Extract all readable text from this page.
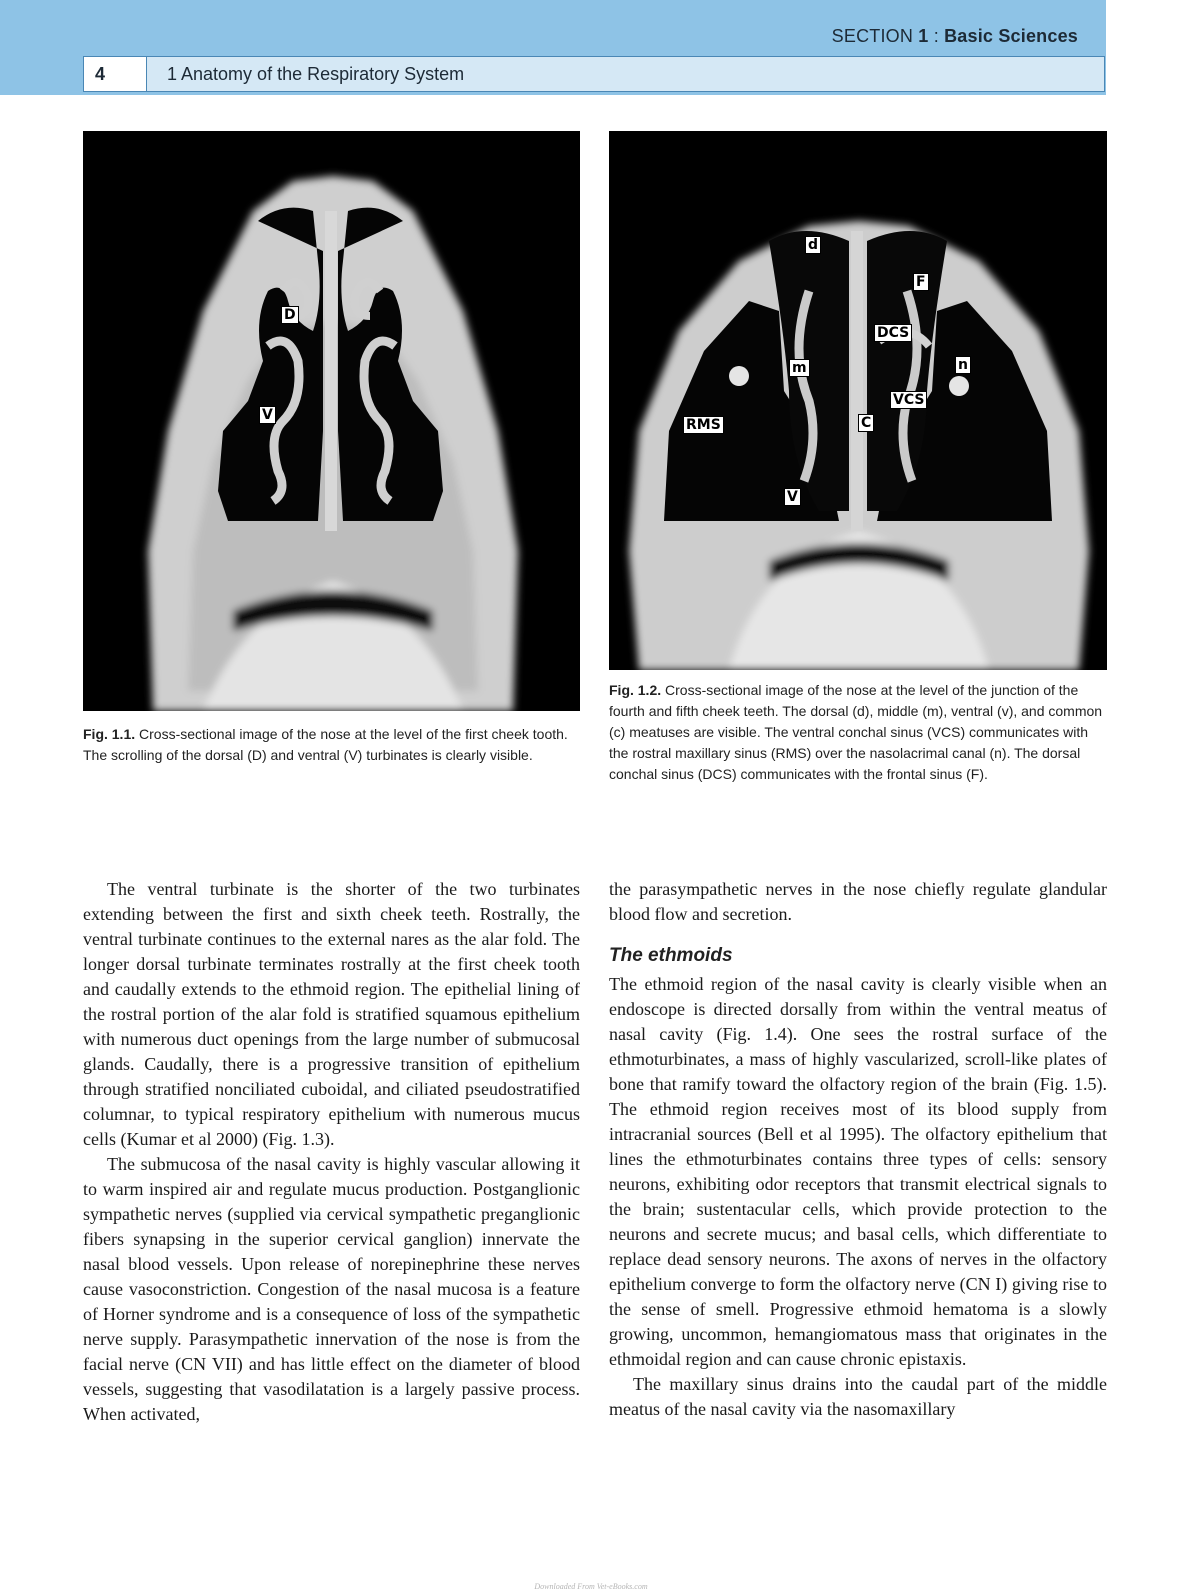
SECTION 1 : Basic Sciences
4	1 Anatomy of the Respiratory System
D
V
Fig. 1.1. Cross-sectional image of the nose at the level of the first cheek tooth. The scrolling of the dorsal (D) and ventral (V) turbinates is clearly visible.
d
F
DCS
n
m
VCS
RMS	C
V
Fig. 1.2. Cross-sectional image of the nose at the level of the junction of the fourth and fifth cheek teeth. The dorsal (d), middle (m), ventral (v), and common (c) meatuses are visible. The ventral conchal sinus (VCS) communicates with the rostral maxillary sinus (RMS) over the nasolacrimal canal (n). The dorsal conchal sinus (DCS) communicates with the frontal sinus (F).

The ventral turbinate is the shorter of the two turbinates extending between the first and sixth cheek teeth. Rostrally, the ventral turbinate continues to the external nares as the alar fold. The longer dorsal turbinate terminates rostrally at the first cheek tooth and caudally extends to the ethmoid region. The epithelial lining of the rostral portion of the alar fold is stratified squamous epithelium with numerous duct openings from the large number of submucosal glands. Caudally, there is a progressive transition of epithelium through stratified nonciliated cuboidal, and ciliated pseudostratified columnar, to typical respiratory epithelium with numerous mucus cells (Kumar et al 2000) (Fig. 1.3).

The submucosa of the nasal cavity is highly vascular allowing it to warm inspired air and regulate mucus production. Postganglionic sympathetic nerves (supplied via cervical sympathetic preganglionic fibers synapsing in the superior cervical ganglion) innervate the nasal blood vessels. Upon release of norepinephrine these nerves cause vasoconstriction. Congestion of the nasal mucosa is a feature of Horner syndrome and is a consequence of loss of the sympathetic nerve supply. Parasympathetic innervation of the nose is from the facial nerve (CN VII) and has little effect on the diameter of blood vessels, suggesting that vasodilatation is a largely passive process. When activated,

the parasympathetic nerves in the nose chiefly regulate glandular blood flow and secretion.

The ethmoids

The ethmoid region of the nasal cavity is clearly visible when an endoscope is directed dorsally from within the ventral meatus of nasal cavity (Fig. 1.4). One sees the rostral surface of the ethmoturbinates, a mass of highly vascularized, scroll-like plates of bone that ramify toward the olfactory region of the brain (Fig. 1.5). The ethmoid region receives most of its blood supply from intracranial sources (Bell et al 1995). The olfactory epithelium that lines the ethmoturbinates contains three types of cells: sensory neurons, exhibiting odor receptors that transmit electrical signals to the brain; sustentacular cells, which provide protection to the neurons and secrete mucus; and basal cells, which differentiate to replace dead sensory neurons. The axons of nerves in the olfactory epithelium converge to form the olfactory nerve (CN I) giving rise to the sense of smell. Progressive ethmoid hematoma is a slowly growing, uncommon, hemangiomatous mass that originates in the ethmoidal region and can cause chronic epistaxis.

The maxillary sinus drains into the caudal part of the middle meatus of the nasal cavity via the nasomaxillary

Downloaded From Vet-eBooks.com
